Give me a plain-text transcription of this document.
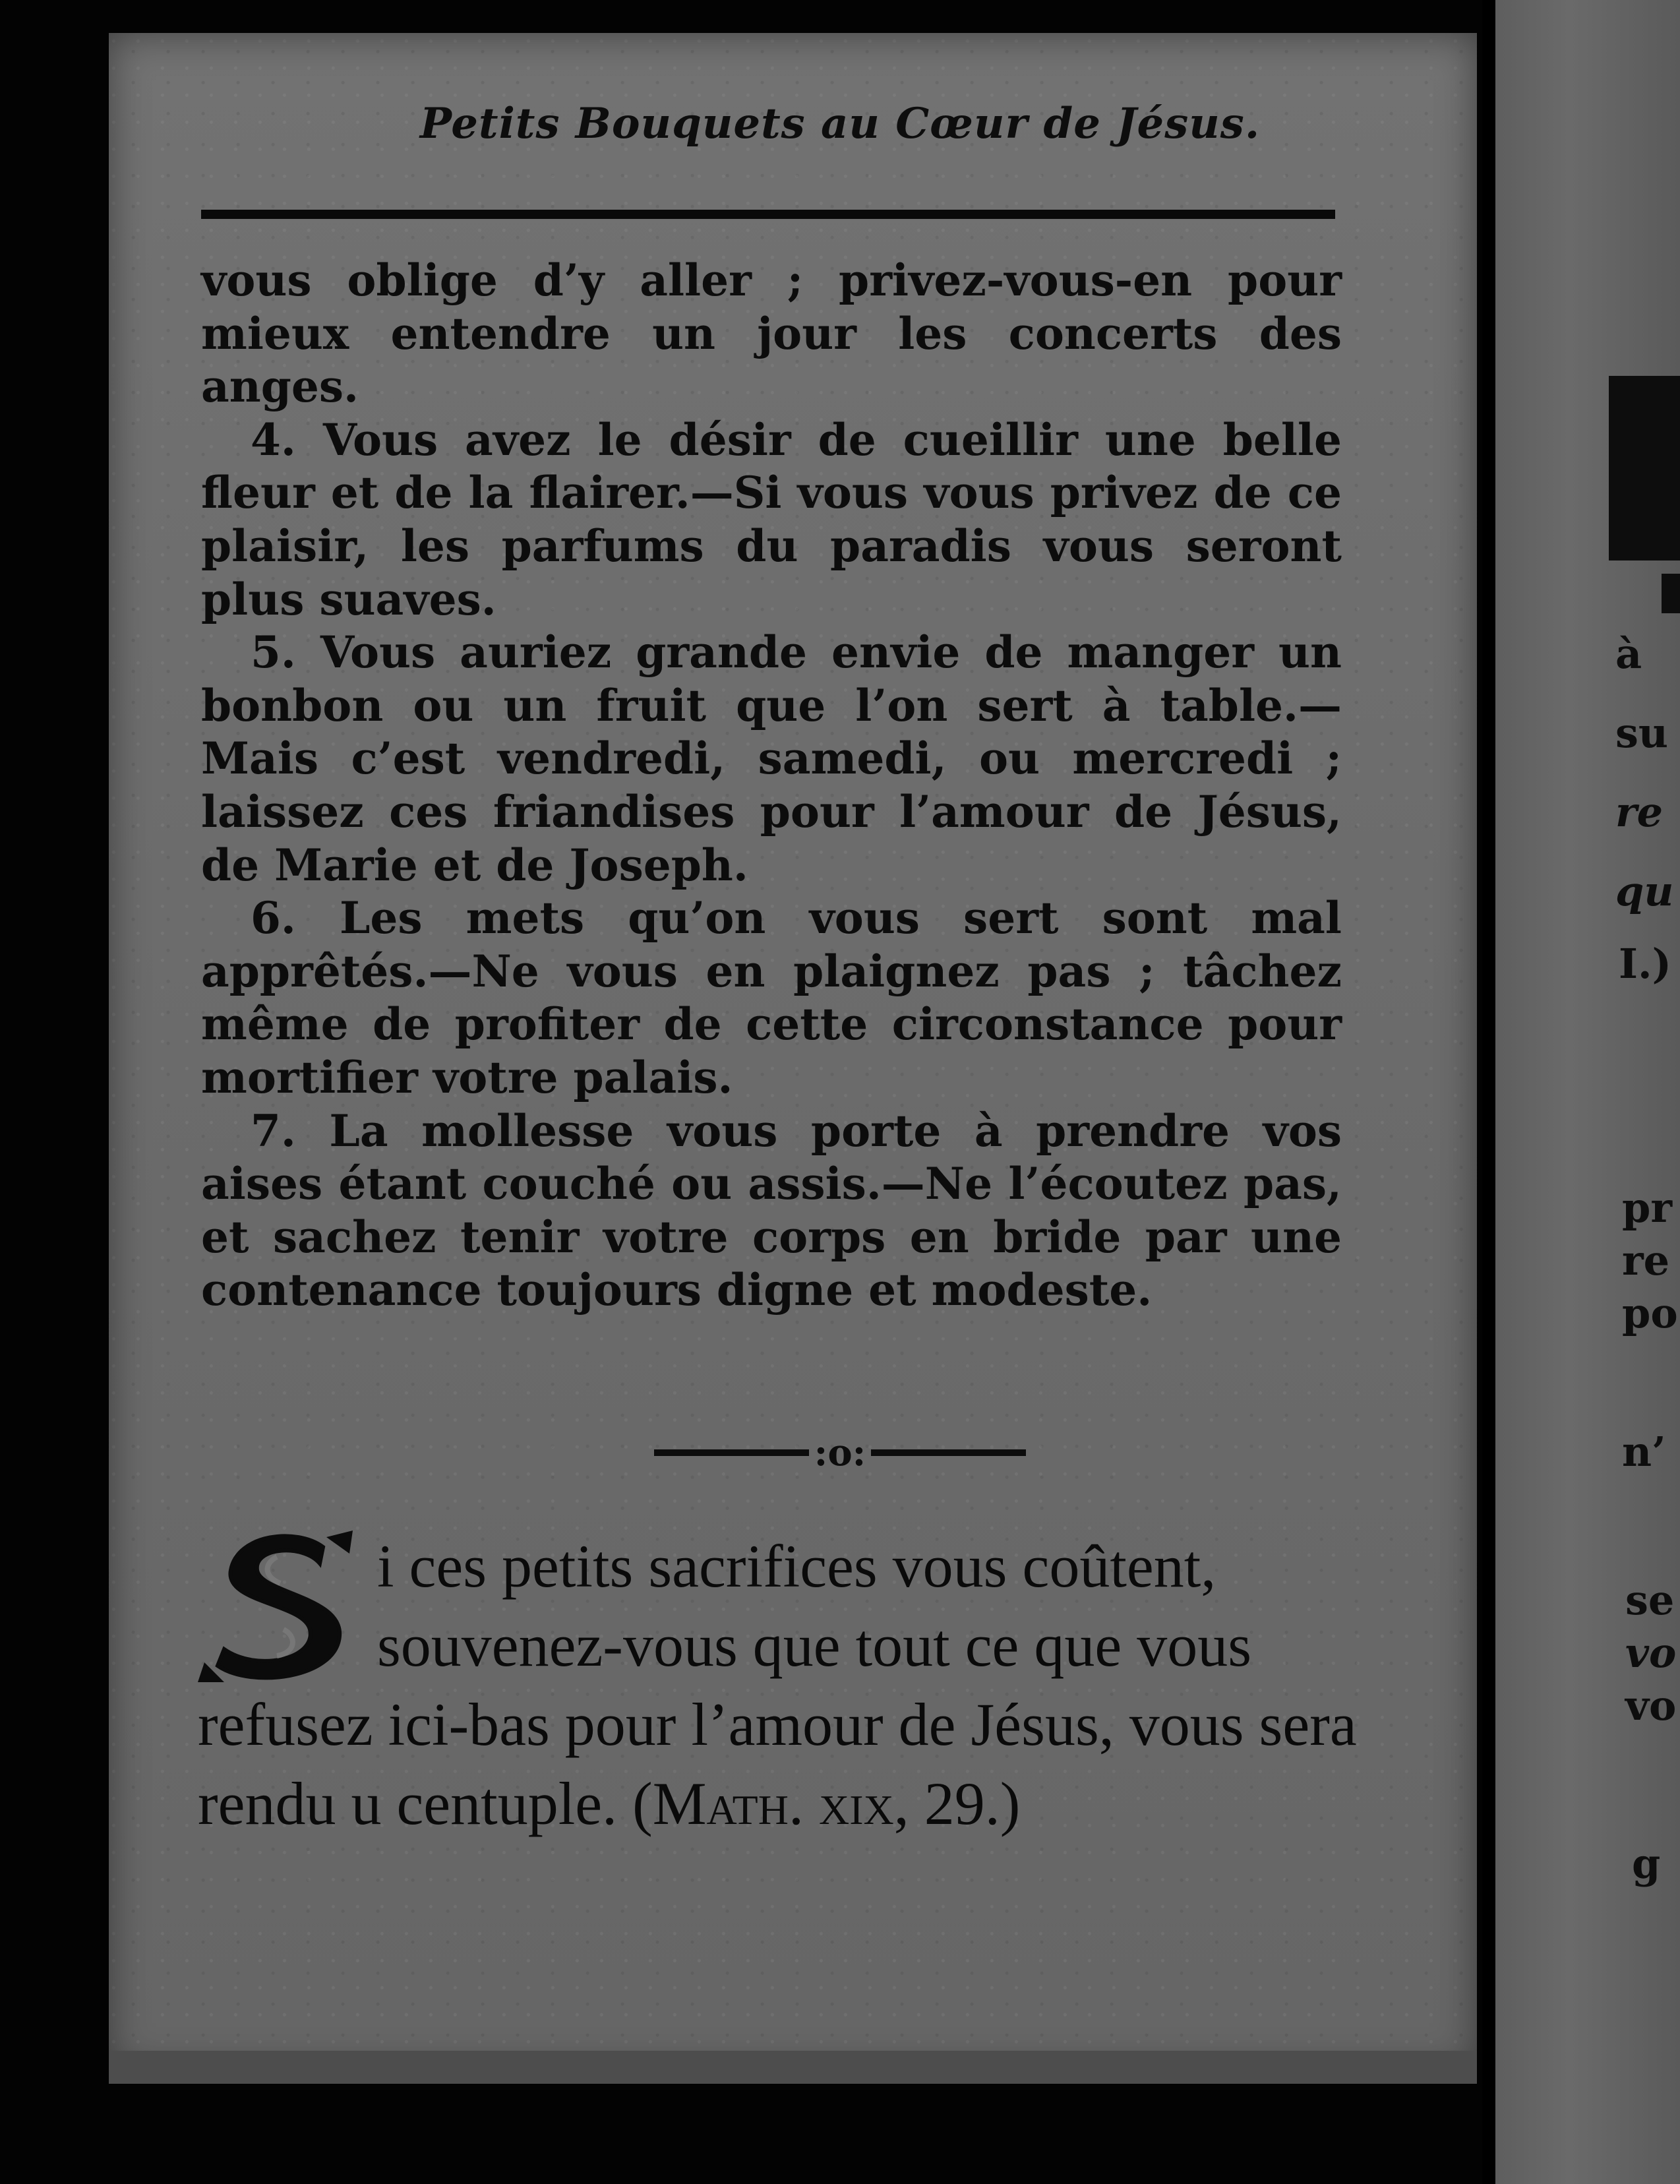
Petits Bouquets au Cœur de Jésus.

vous oblige d’y aller ; privez-vous-en pour mieux entendre un jour les concerts des anges.

4. Vous avez le désir de cueillir une belle fleur et de la flairer.—Si vous vous privez de ce plaisir, les parfums du paradis vous seront plus suaves.

5. Vous auriez grande envie de manger un bonbon ou un fruit que l’on sert à table.—Mais c’est vendredi, samedi, ou mercredi ; laissez ces friandises pour l’amour de Jésus, de Marie et de Joseph.

6. Les mets qu’on vous sert sont mal apprêtés.—Ne vous en plaignez pas ; tâchez même de profiter de cette circonstance pour mortifier votre palais.

7. La mollesse vous porte à prendre vos aises étant couché ou assis.—Ne l’écoutez pas, et sachez tenir votre corps en bride par une contenance toujours digne et modeste.

:o:
S
i ces petits sacrifices vous coûtent, souvenez-vous que tout ce que vous refusez ici-bas pour l’amour de Jésus, vous sera rendu u centuple. (Math. xix, 29.)
à
su
re
qu
I.)
pr
re
po
n’
se
vo
vo
g
